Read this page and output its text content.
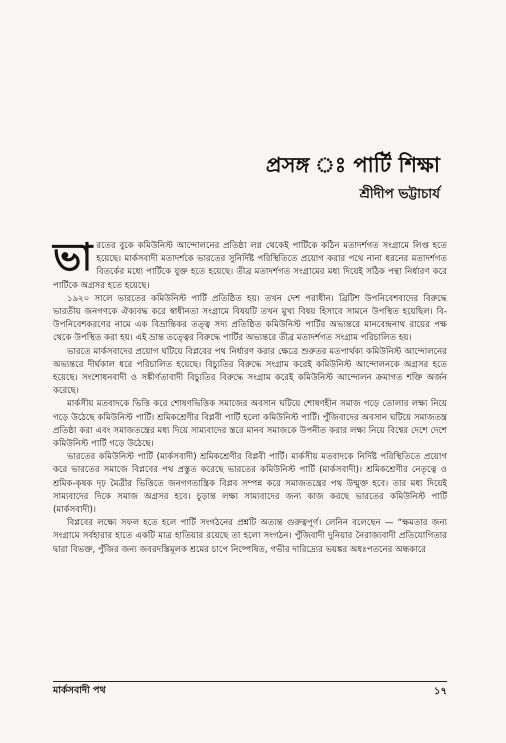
প্রসঙ্গ ঃ পার্টি শিক্ষা
শ্রীদীপ ভট্টাচার্য

ভারতের বুকে কমিউনিস্ট আন্দোলনের প্রতিষ্ঠা লগ্ন থেকেই পার্টিকে কঠিন মতাদর্শগত সংগ্রামে লিপ্ত হতে হয়েছে। মার্কসবাদী মতাদর্শকে ভারতের সুনির্দিষ্ট পরিস্থিতিতে প্রয়োগ করার পথে নানা ধরনের মতাদর্শগত বিতর্কের মধ্যে পার্টিকে যুক্ত হতে হয়েছে। তীব্র মতাদর্শগত সংগ্রামের মধ্য দিয়েই সঠিক পন্থা নির্ধারণ করে পার্টিকে অগ্রসর হতে হয়েছে।

১৯২০ সালে ভারতের কমিউনিস্ট পার্টি প্রতিষ্ঠিত হয়। তখন দেশ পরাধীন। ব্রিটিশ উপনিবেশবাদের বিরুদ্ধে ভারতীয় জনগণকে ঐক্যবদ্ধ করে স্বাধীনতা সংগ্রামে বিষয়টি তখন মুখ্য বিষয় হিসাবে সামনে উপস্থিত হয়েছিল। বি-উপনিবেশকরণের নামে এক বিভ্রান্তিকর তত্ত্ব সদ্য প্রতিষ্ঠিত কমিউনিস্ট পার্টির অভ্যন্তরে মানবেন্দ্রনাথ রায়ের পক্ষ থেকে উপস্থিত করা হয়। এই ভ্রান্ত তত্ত্বের বিরুদ্ধে পার্টির অভ্যন্তরে তীব্র মতাদর্শগত সংগ্রাম পরিচালিত হয়।

ভারতে মার্কসবাদের প্রয়োগ ঘটিয়ে বিপ্লবের পথ নির্ধারণ করার ক্ষেত্রে শুরুতর মতপার্থক্য কমিউনিস্ট আন্দোলনের অভ্যন্তরে দীর্ঘকাল ধরে পরিচালিত হয়েছে। বিচ্যুতির বিরুদ্ধে সংগ্রাম করেই কমিউনিস্ট আন্দোলনকে অগ্রসর হতে হয়েছে। সংশোধনবাদী ও সঙ্কীর্ণতাবাদী বিচ্যুতির বিরুদ্ধে সংগ্রাম করেই কমিউনিস্ট আন্দোলন ক্রমাগত শক্তি অর্জন করেছে।

মার্কসীয় মতবাদকে ভিত্তি করে শোষণভিত্তিক সমাজের অবসান ঘটিয়ে শোষণহীন সমাজ গড়ে তোলার লক্ষ্য নিয়ে গড়ে উঠেছে কমিউনিস্ট পার্টি। শ্রমিকশ্রেণীর বিপ্লবী পার্টি হলো কমিউনিস্ট পার্টি। পুঁজিবাদের অবসান ঘটিয়ে সমাজতন্ত্র প্রতিষ্ঠা করা এবং সমাজতন্ত্রের মধ্য দিয়ে সাম্যবাদের স্তরে মানব সমাজকে উপনীত করার লক্ষ্য নিয়ে বিশ্বের দেশে দেশে কমিউনিস্ট পার্টি গড়ে উঠেছে।

ভারতের কমিউনিস্ট পার্টি (মার্কসবাদী) শ্রমিকশ্রেণীর বিপ্লবী পার্টি। মার্কসীয় মতবাদকে নির্দিষ্ট পরিস্থিতিতে প্রয়োগ করে ভারতের সমাজে বিপ্লবের পথ প্রস্তুত করেছে ভারতের কমিউনিস্ট পার্টি (মার্কসবাদী)। শ্রমিকশ্রেণীর নেতৃত্বে ও শ্রমিক-কৃষক দৃঢ় মৈত্রীর ভিত্তিতে জনগণতান্ত্রিক বিপ্লব সম্পন্ন করে সমাজতন্ত্রের পথ উন্মুক্ত হবে। তার মধ্য দিয়েই সাম্যবাদের দিকে সমাজ অগ্রসর হবে। চূড়ান্ত লক্ষ্য সাম্যবাদের জন্য কাজ করছে ভারতের কমিউনিস্ট পার্টি (মার্কসবাদী)।

বিপ্লবের লক্ষ্যে সফল হতে হলে পার্টি সংগঠনের প্রশ্নটি অত্যন্ত গুরুত্বপূর্ণ। লেনিন বলেছেন — “ক্ষমতার জন্য সংগ্রামে সর্বহারার হাতে একটি মাত্র হাতিয়ার রয়েছে তা হলো সংগঠন। পুঁজিবাদী দুনিয়ার নৈরাজ্যবাদী প্রতিযোগিতার দ্বারা বিভক্ত, পুঁজির জন্য জবরদস্তিমূলক শ্রমের চাপে নিষ্পেষিত, গভীর দারিদ্র্যের ভয়ঙ্কর অধঃপতনের অন্ধকারে

মার্কসবাদী পথ	১৭
